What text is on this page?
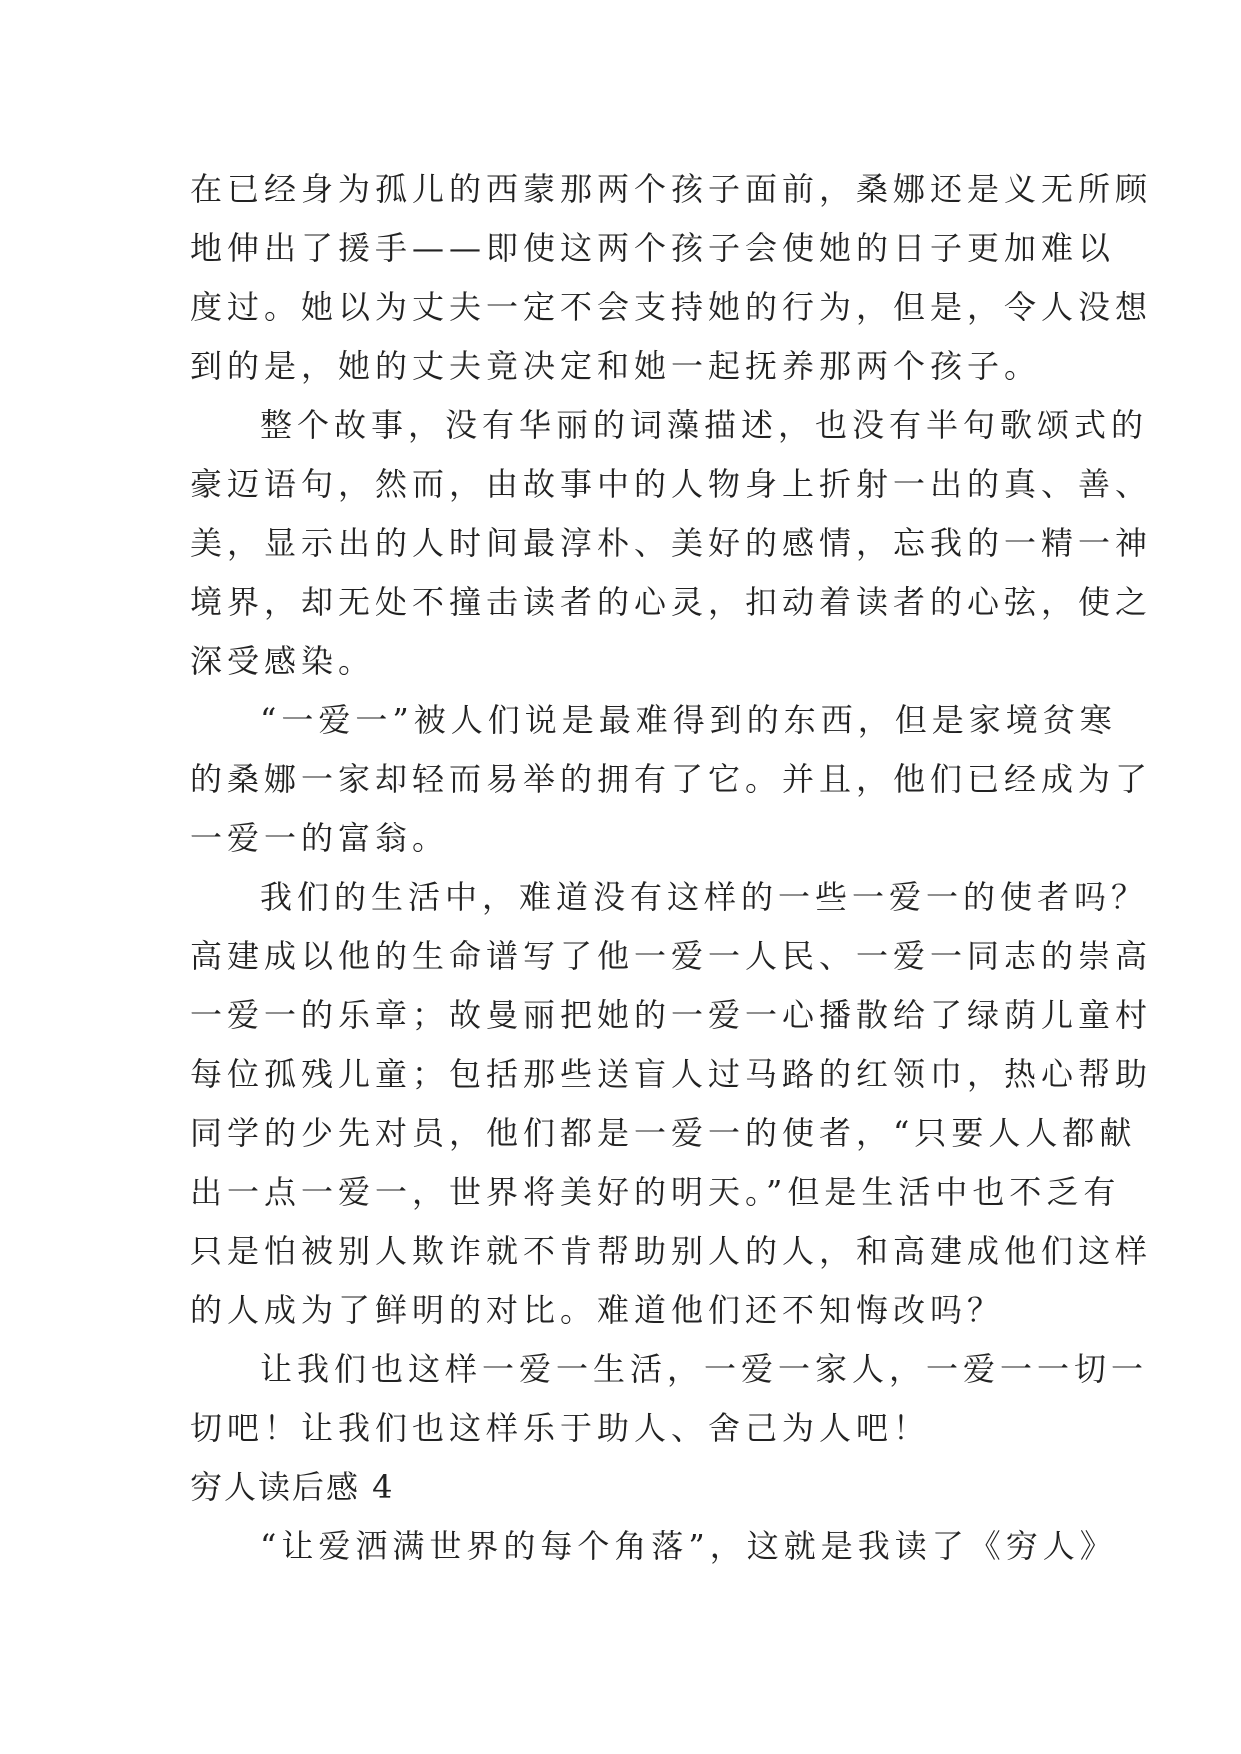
在已经身为孤儿的西蒙那两个孩子面前，桑娜还是义无所顾
地伸出了援手——即使这两个孩子会使她的日子更加难以
度过。她以为丈夫一定不会支持她的行为，但是，令人没想
到的是，她的丈夫竟决定和她一起抚养那两个孩子。
整个故事，没有华丽的词藻描述，也没有半句歌颂式的
豪迈语句，然而，由故事中的人物身上折射一出的真、善、
美，显示出的人时间最淳朴、美好的感情，忘我的一精一神
境界，却无处不撞击读者的心灵，扣动着读者的心弦，使之
深受感染。
“一爱一”被人们说是最难得到的东西，但是家境贫寒
的桑娜一家却轻而易举的拥有了它。并且，他们已经成为了
一爱一的富翁。
我们的生活中，难道没有这样的一些一爱一的使者吗？
高建成以他的生命谱写了他一爱一人民、一爱一同志的崇高
一爱一的乐章；故曼丽把她的一爱一心播散给了绿荫儿童村
每位孤残儿童；包括那些送盲人过马路的红领巾，热心帮助
同学的少先对员，他们都是一爱一的使者，“只要人人都献
出一点一爱一，世界将美好的明天。”但是生活中也不乏有
只是怕被别人欺诈就不肯帮助别人的人，和高建成他们这样
的人成为了鲜明的对比。难道他们还不知悔改吗？
让我们也这样一爱一生活，一爱一家人，一爱一一切一
切吧！让我们也这样乐于助人、舍己为人吧！
穷人读后感 4
“让爱洒满世界的每个角落”，这就是我读了《穷人》
